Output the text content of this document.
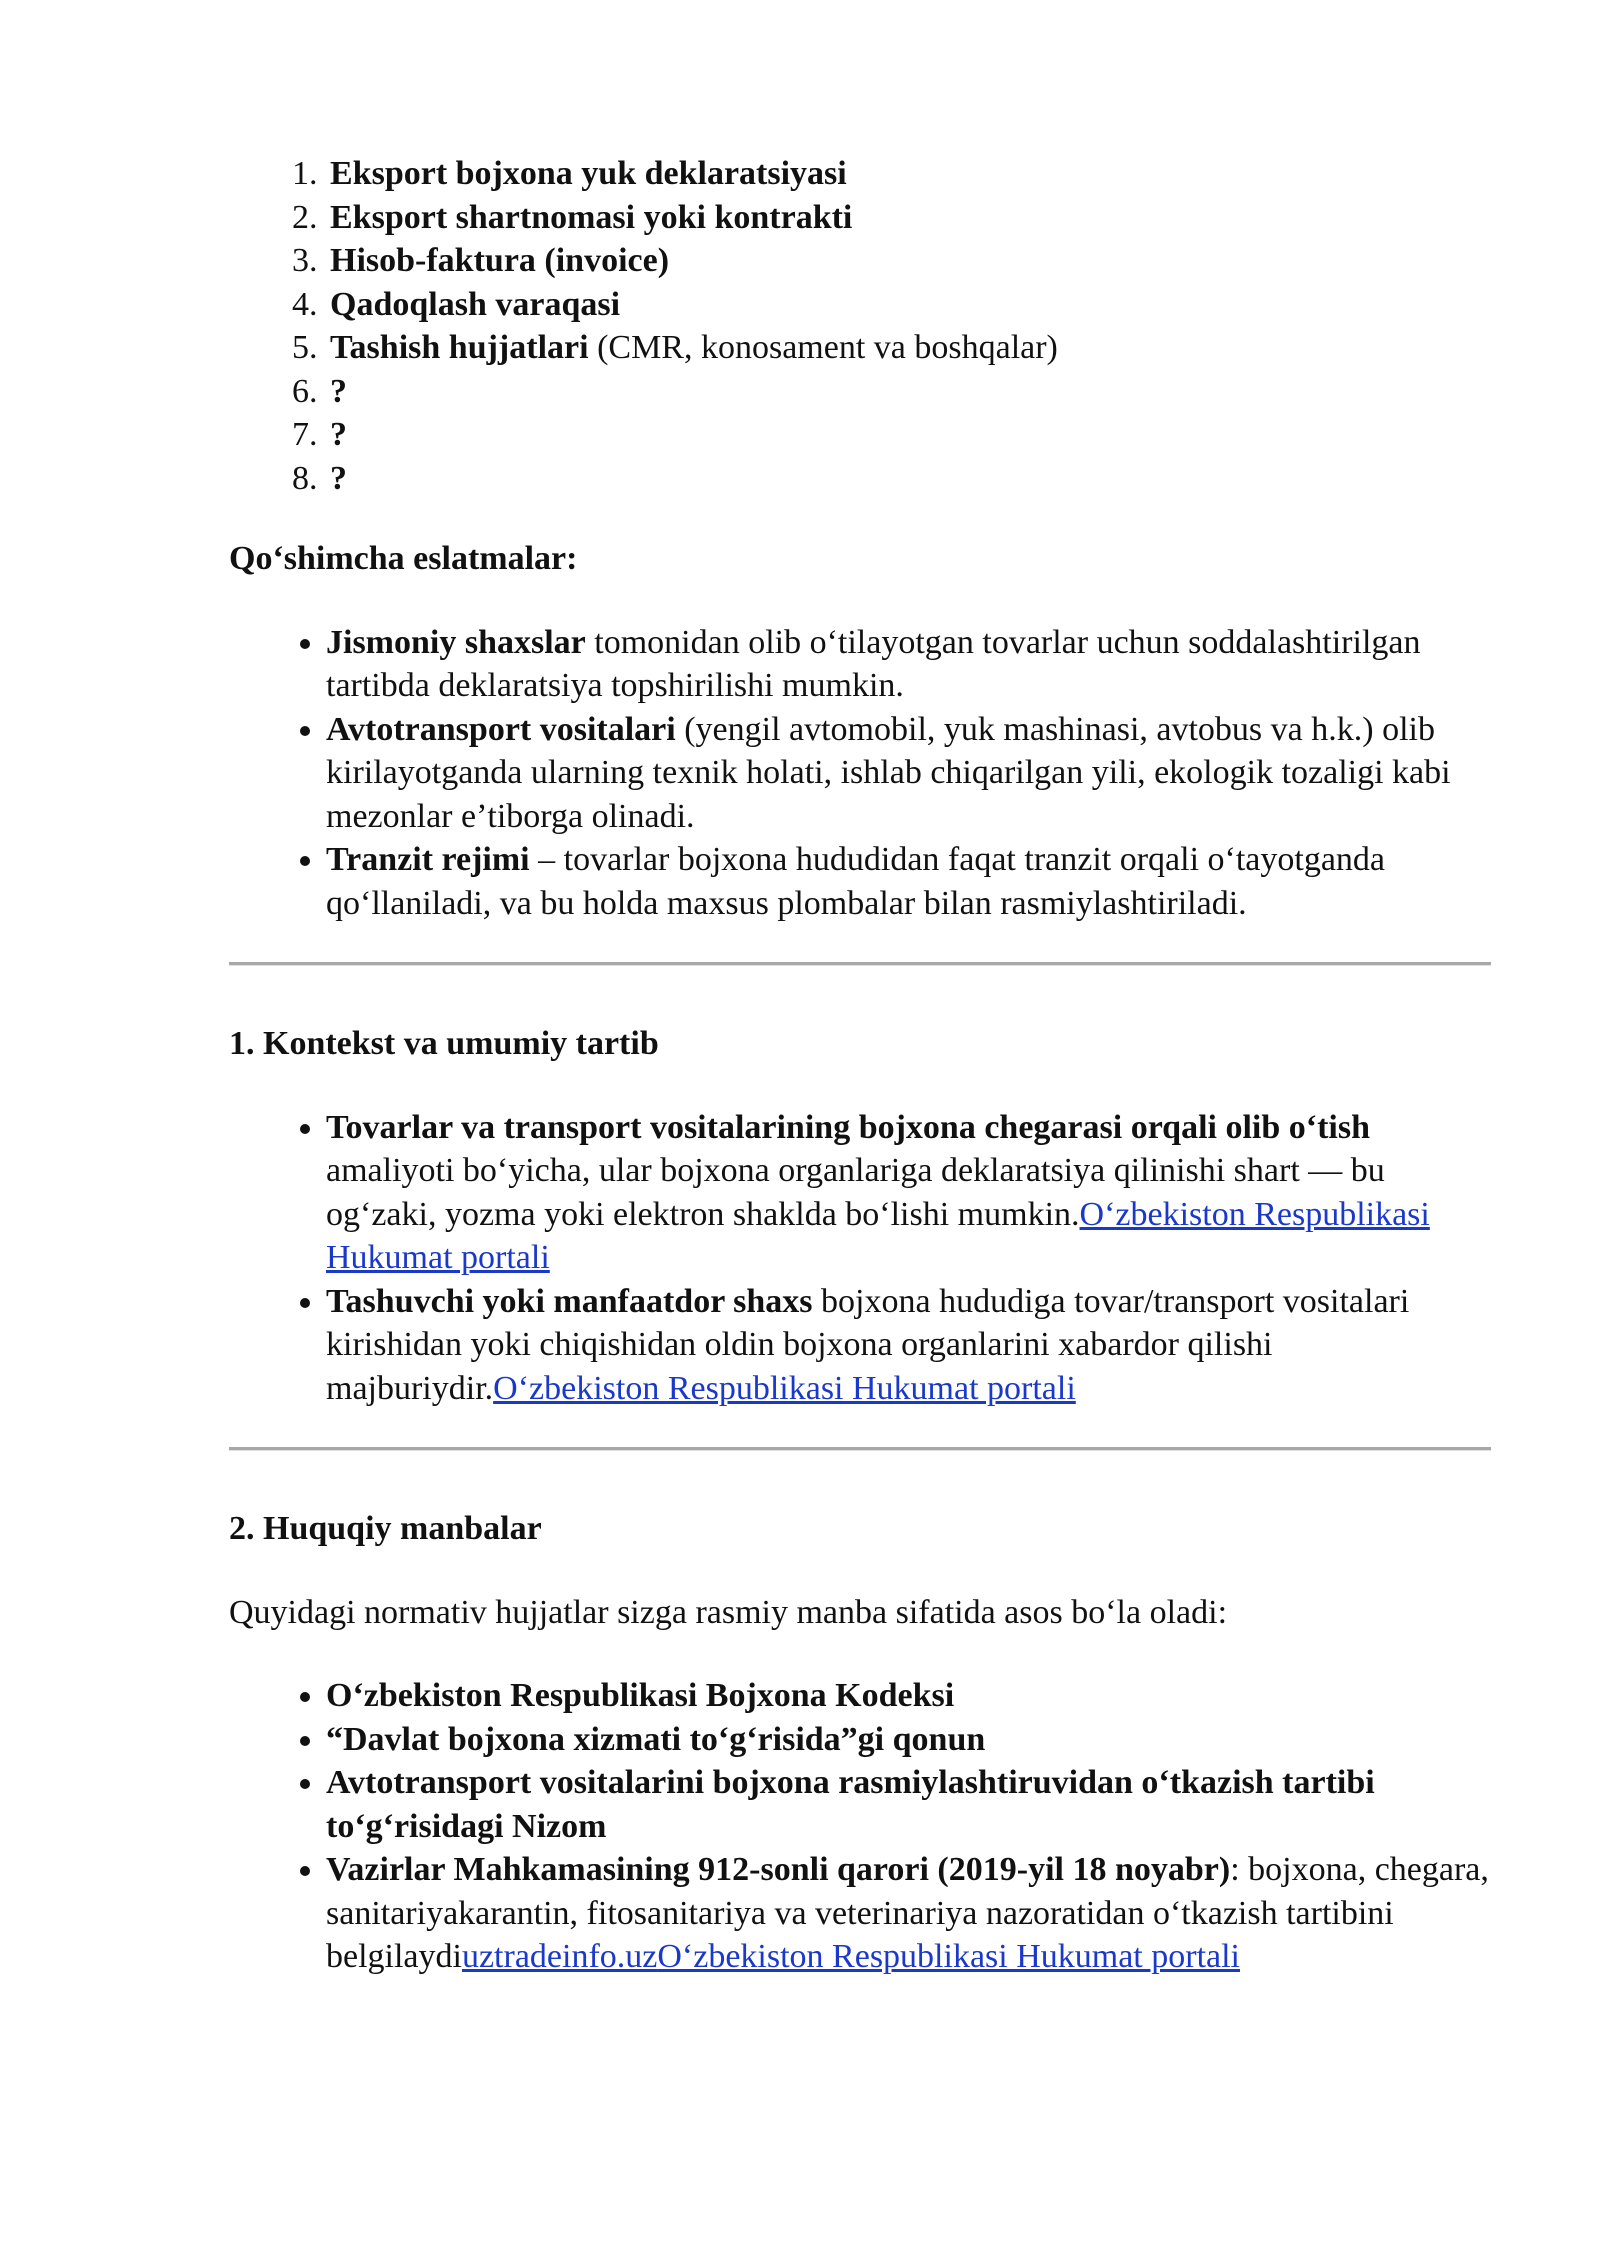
1. Eksport bojxona yuk deklaratsiyasi
2. Eksport shartnomasi yoki kontrakti
3. Hisob-faktura (invoice)
4. Qadoqlash varaqasi
5. Tashish hujjatlari (CMR, konosament va boshqalar)
6. ?
7. ?
8. ?
Qoʻshimcha eslatmalar:
• Jismoniy shaxslar tomonidan olib oʻtilayotgan tovarlar uchun soddalashtirilgan tartibda deklaratsiya topshirilishi mumkin.
• Avtotransport vositalari (yengil avtomobil, yuk mashinasi, avtobus va h.k.) olib kirilayotganda ularning texnik holati, ishlab chiqarilgan yili, ekologik tozaligi kabi mezonlar eʼtiborga olinadi.
• Tranzit rejimi – tovarlar bojxona hududidan faqat tranzit orqali oʻtayotganda qoʻllaniladi, va bu holda maxsus plombalar bilan rasmiylashtiriladi.
1. Kontekst va umumiy tartib
• Tovarlar va transport vositalarining bojxona chegarasi orqali olib oʻtish amaliyoti boʻyicha, ular bojxona organlariga deklaratsiya qilinishi shart — bu ogʻzaki, yozma yoki elektron shaklda boʻlishi mumkin.Oʻzbekiston Respublikasi Hukumat portali
• Tashuvchi yoki manfaatdor shaxs bojxona hududiga tovar/transport vositalari kirishidan yoki chiqishidan oldin bojxona organlarini xabardor qilishi majburiydir.Oʻzbekiston Respublikasi Hukumat portali
2. Huquqiy manbalar

Quyidagi normativ hujjatlar sizga rasmiy manba sifatida asos boʻla oladi:

• Oʻzbekiston Respublikasi Bojxona Kodeksi
• “Davlat bojxona xizmati toʻgʻrisida”gi qonun
• Avtotransport vositalarini bojxona rasmiylashtiruvidan oʻtkazish tartibi toʻgʻrisidagi Nizom
• Vazirlar Mahkamasining 912-sonli qarori (2019-yil 18 noyabr): bojxona, chegara, sanitariyakarantin, fitosanitariya va veterinariya nazoratidan oʻtkazish tartibini belgilaydiuztradeinfo.uzOʻzbekiston Respublikasi Hukumat portali
